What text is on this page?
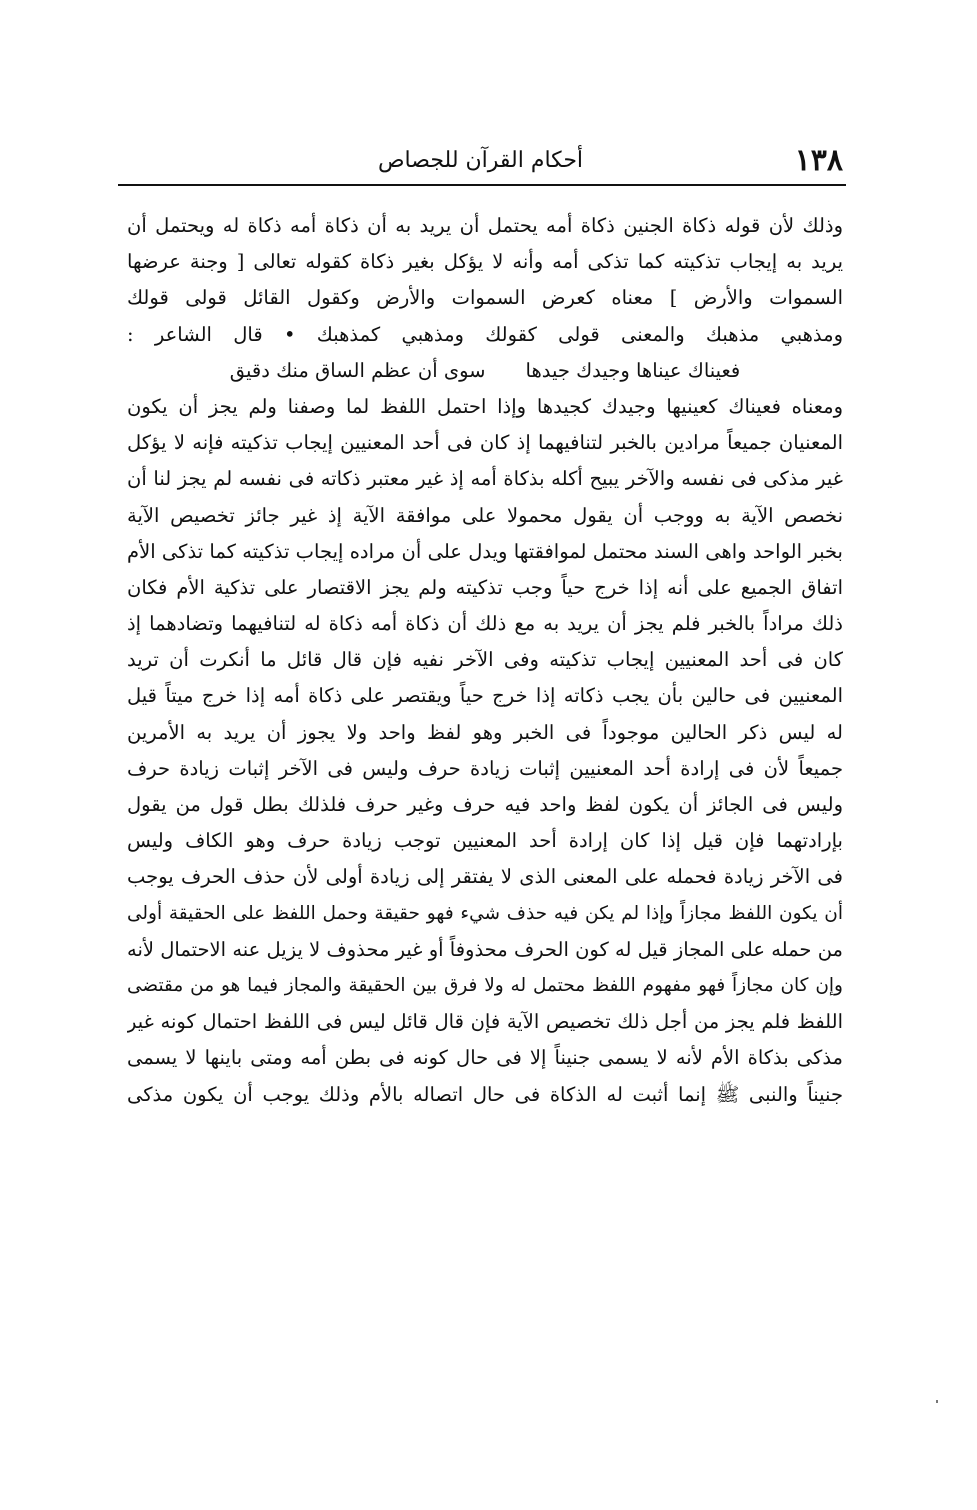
١٣٨
أحكام القرآن للجصاص
وذلك لأن قوله ذكاة الجنين ذكاة أمه يحتمل أن يريد به أن ذكاة أمه ذكاة له ويحتمل أن
يريد به إيجاب تذكيته كما تذكى أمه وأنه لا يؤكل بغير ذكاة كقوله تعالى [ وجنة عرضها
السموات والأرض ] معناه كعرض السموات والأرض وكقول القائل قولى قولك
ومذهبي مذهبك والمعنى قولى كقولك ومذهبي كمذهبك • قال الشاعر :
فعيناك عيناها وجيدك جيدها
سوى أن عظم الساق منك دقيق
ومعناه فعيناك كعينيها وجيدك كجيدها وإذا احتمل اللفظ لما وصفنا ولم يجز أن يكون
المعنيان جميعاً مرادين بالخبر لتنافيهما إذ كان فى أحد المعنيين إيجاب تذكيته فإنه لا يؤكل
غير مذكى فى نفسه والآخر يبيح أكله بذكاة أمه إذ غير معتبر ذكاته فى نفسه لم يجز لنا أن
نخصص الآية به ووجب أن يقول محمولا على موافقة الآية إذ غير جائز تخصيص الآية
بخبر الواحد واهى السند محتمل لموافقتها ويدل على أن مراده إيجاب تذكيته كما تذكى الأم
اتفاق الجميع على أنه إذا خرج حياً وجب تذكيته ولم يجز الاقتصار على تذكية الأم فكان
ذلك مراداً بالخبر فلم يجز أن يريد به مع ذلك أن ذكاة أمه ذكاة له لتنافيهما وتضادهما إذ
كان فى أحد المعنيين إيجاب تذكيته وفى الآخر نفيه فإن قال قائل ما أنكرت أن تريد
المعنيين فى حالين بأن يجب ذكاته إذا خرج حياً ويقتصر على ذكاة أمه إذا خرج ميتاً قيل
له ليس ذكر الحالين موجوداً فى الخبر وهو لفظ واحد ولا يجوز أن يريد به الأمرين
جميعاً لأن فى إرادة أحد المعنيين إثبات زيادة حرف وليس فى الآخر إثبات زيادة حرف
وليس فى الجائز أن يكون لفظ واحد فيه حرف وغير حرف فلذلك بطل قول من يقول
بإرادتهما فإن قيل إذا كان إرادة أحد المعنيين توجب زيادة حرف وهو الكاف وليس
فى الآخر زيادة فحمله على المعنى الذى لا يفتقر إلى زيادة أولى لأن حذف الحرف يوجب
أن يكون اللفظ مجازاً وإذا لم يكن فيه حذف شيء فهو حقيقة وحمل اللفظ على الحقيقة أولى
من حمله على المجاز قيل له كون الحرف محذوفاً أو غير محذوف لا يزيل عنه الاحتمال لأنه
وإن كان مجازاً فهو مفهوم اللفظ محتمل له ولا فرق بين الحقيقة والمجاز فيما هو من مقتضى
اللفظ فلم يجز من أجل ذلك تخصيص الآية فإن قال قائل ليس فى اللفظ احتمال كونه غير
مذكى بذكاة الأم لأنه لا يسمى جنيناً إلا فى حال كونه فى بطن أمه ومتى باينها لا يسمى
جنيناً والنبى ﷺ إنما أثبت له الذكاة فى حال اتصاله بالأم وذلك يوجب أن يكون مذكى
